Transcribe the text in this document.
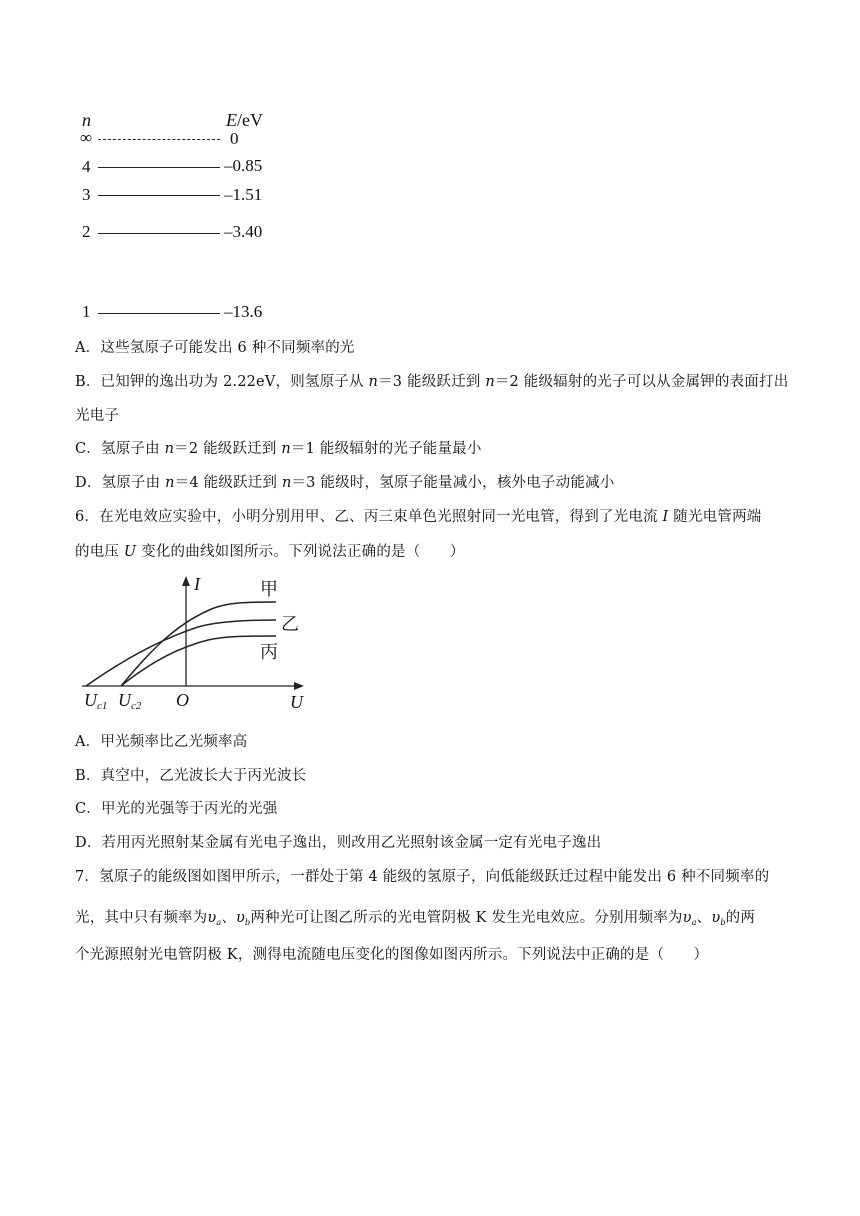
n	E/eV
∞	0
4	–0.85
3	–1.51
2	–3.40
1	–13.6
A．这些氢原子可能发出 6 种不同频率的光
B．已知钾的逸出功为 2.22eV，则氢原子从 n＝3 能级跃迁到 n＝2 能级辐射的光子可以从金属钾的表面打出
光电子
C．氢原子由 n＝2 能级跃迁到 n＝1 能级辐射的光子能量最小
D．氢原子由 n＝4 能级跃迁到 n＝3 能级时，氢原子能量减小，核外电子动能减小
6．在光电效应实验中，小明分别用甲、乙、丙三束单色光照射同一光电管，得到了光电流 I 随光电管两端
的电压 U 变化的曲线如图所示。下列说法正确的是（　　）
I	甲
乙
丙
$U_{c1}$ $U_{c2}$ O	U
A．甲光频率比乙光频率高
B．真空中，乙光波长大于丙光波长
C．甲光的光强等于丙光的光强
D．若用丙光照射某金属有光电子逸出，则改用乙光照射该金属一定有光电子逸出
7．氢原子的能级图如图甲所示，一群处于第 4 能级的氢原子，向低能级跃迁过程中能发出 6 种不同频率的
光，其中只有频率为$\upsilon_a$、$\upsilon_b$两种光可让图乙所示的光电管阴极 K 发生光电效应。分别用频率为$\upsilon_a$、$\upsilon_b$的两
个光源照射光电管阴极 K，测得电流随电压变化的图像如图丙所示。下列说法中正确的是（　　）
